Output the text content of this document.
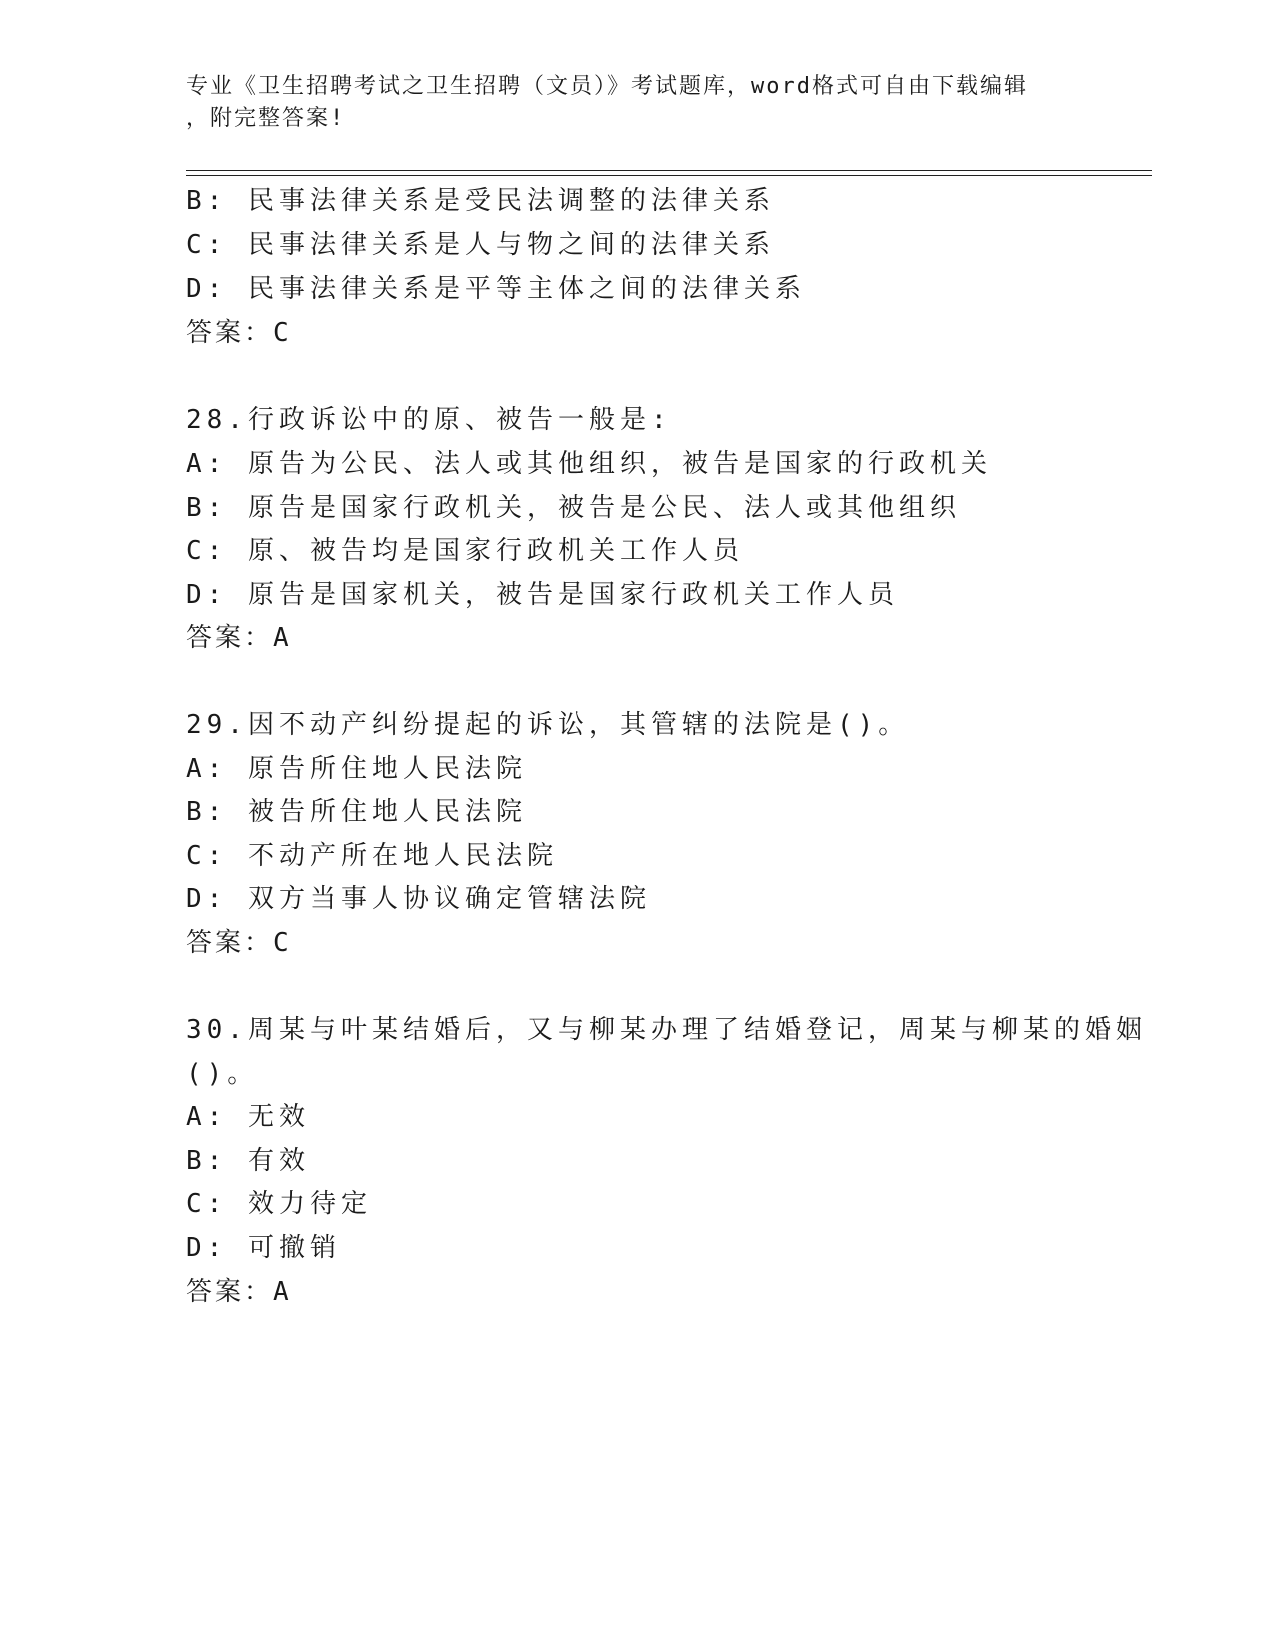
专业《卫生招聘考试之卫生招聘（文员）》考试题库，word格式可自由下载编辑
，附完整答案!
B: 民事法律关系是受民法调整的法律关系
C: 民事法律关系是人与物之间的法律关系
D: 民事法律关系是平等主体之间的法律关系
答案：C
28.行政诉讼中的原、被告一般是:
A: 原告为公民、法人或其他组织，被告是国家的行政机关
B: 原告是国家行政机关，被告是公民、法人或其他组织
C: 原、被告均是国家行政机关工作人员
D: 原告是国家机关，被告是国家行政机关工作人员
答案：A
29.因不动产纠纷提起的诉讼，其管辖的法院是()。
A: 原告所住地人民法院
B: 被告所住地人民法院
C: 不动产所在地人民法院
D: 双方当事人协议确定管辖法院
答案：C
30.周某与叶某结婚后，又与柳某办理了结婚登记，周某与柳某的婚姻
()。
A: 无效
B: 有效
C: 效力待定
D: 可撤销
答案：A
